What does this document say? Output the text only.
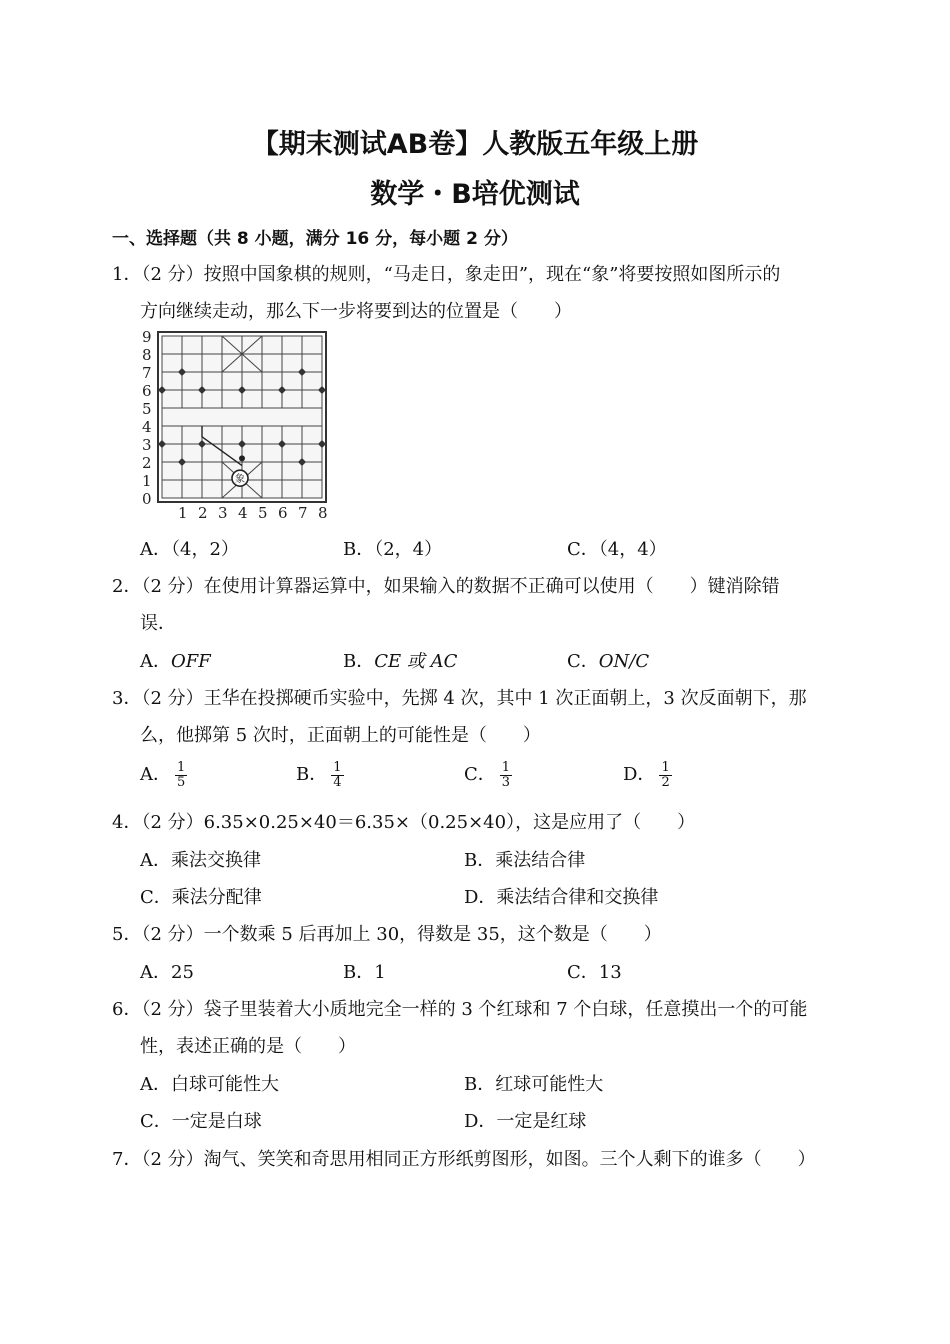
【期末测试AB卷】人教版五年级上册
数学・B培优测试
一、选择题（共 8 小题，满分 16 分，每小题 2 分）
1．（2 分）按照中国象棋的规则，“马走日，象走田”，现在“象”将要按照如图所示的
方向继续走动，那么下一步将要到达的位置是（　　）
9
8
7
6
5
4
3
2
1
0
1 2 3 4 5 6 7 8
象
A．（4，2）	B．（2，4）	C．（4，4）
2．（2 分）在使用计算器运算中，如果输入的数据不正确可以使用（　　）键消除错
误．
A．OFF	B．CE 或 AC	C．ON/C
3．（2 分）王华在投掷硬币实验中，先掷 4 次，其中 1 次正面朝上，3 次反面朝下，那
么，他掷第 5 次时，正面朝上的可能性是（　　）
A． $\frac{1}{5}$	B． $\frac{1}{4}$	C． $\frac{1}{3}$	D． $\frac{1}{2}$
4．（2 分）6.35×0.25×40＝6.35×（0.25×40），这是应用了（　　）
A．乘法交换律	B．乘法结合律
C．乘法分配律	D．乘法结合律和交换律
5．（2 分）一个数乘 5 后再加上 30，得数是 35，这个数是（　　）
A．25	B．1	C．13
6．（2 分）袋子里装着大小质地完全一样的 3 个红球和 7 个白球，任意摸出一个的可能
性，表述正确的是（　　）
A．白球可能性大	B．红球可能性大
C．一定是白球	D．一定是红球
7．（2 分）淘气、笑笑和奇思用相同正方形纸剪图形，如图。三个人剩下的谁多（　　）
